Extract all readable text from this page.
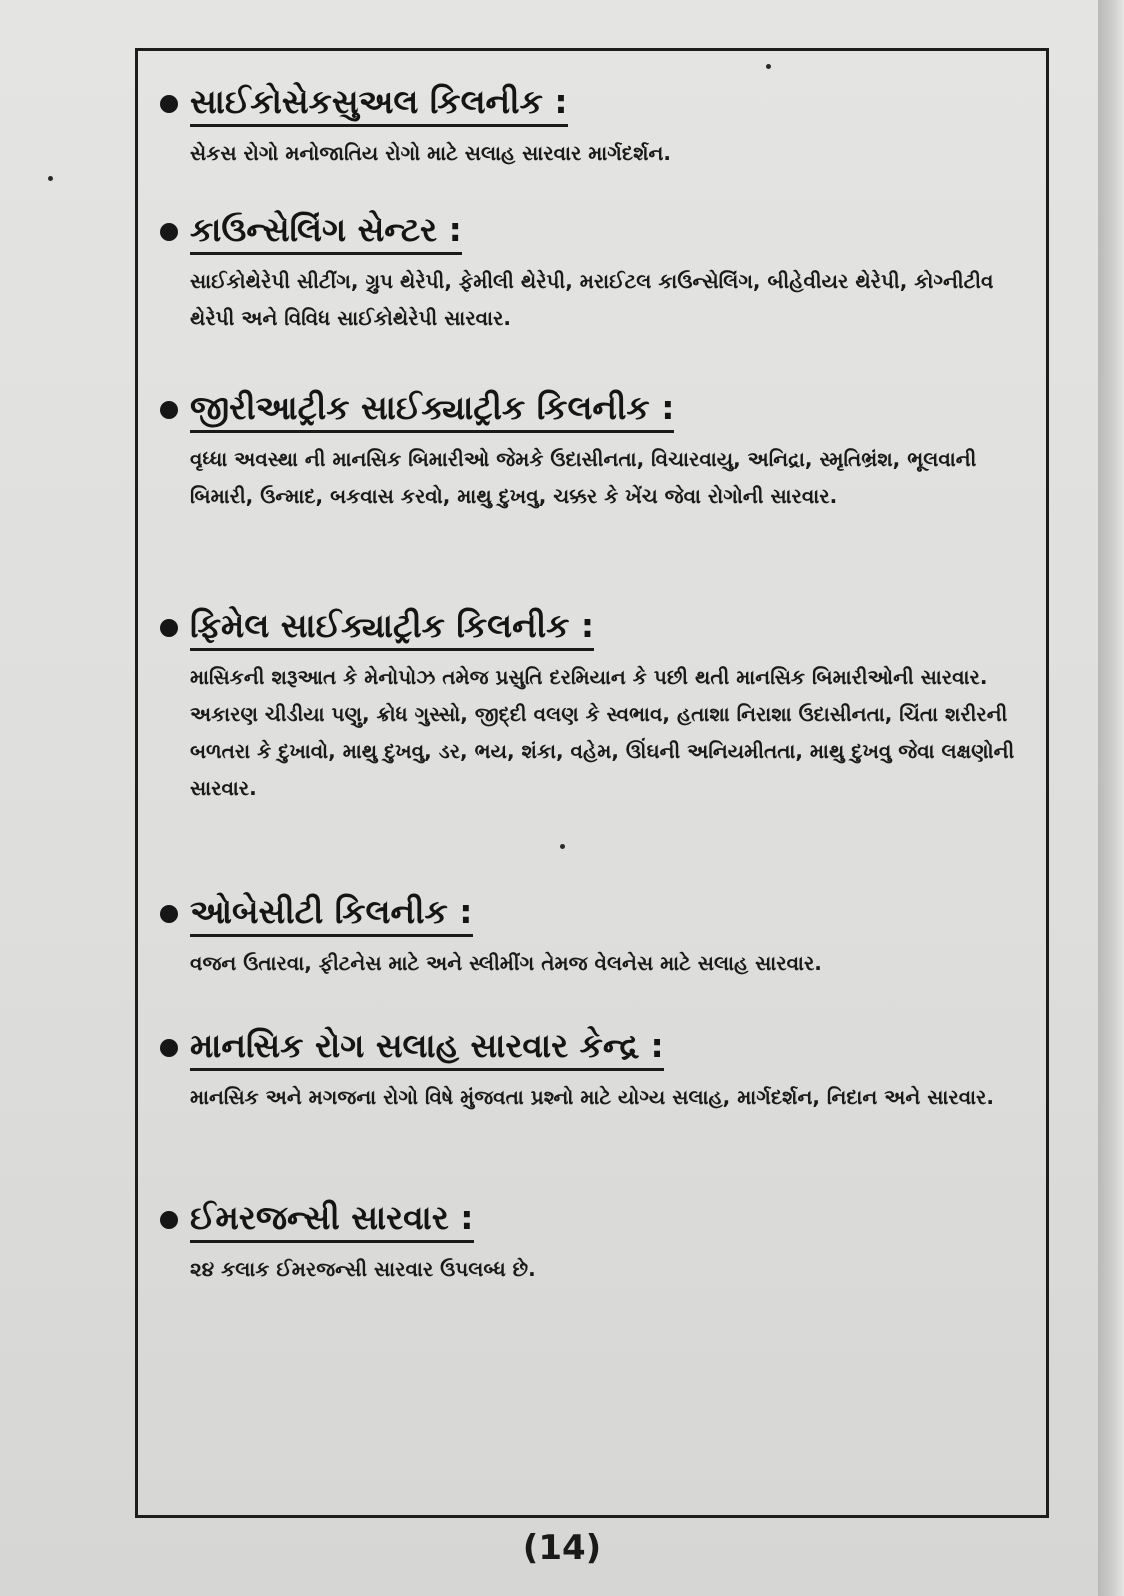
સાઈકોસેકસુઅલ કિલનીક :
સેકસ રોગો મનોજાતિય રોગો માટે સલાહ સારવાર માર્ગદર્શન.
કાઉન્સેલિંગ સેન્ટર :
સાઈકોથેરેપી સીટીંગ, ગ્રુપ થેરેપી, ફેમીલી થેરેપી, મરાઈટલ કાઉન્સેલિંગ, બીહેવીયર થેરેપી, કોગ્નીટીવ થેરેપી અને વિવિધ સાઈકોથેરેપી સારવાર.
જીરીઆટ્રીક સાઈક્યાટ્રીક કિલનીક :
વૃધ્ધા અવસ્થા ની માનસિક બિમારીઓ જેમકે ઉદાસીનતા, વિચારવાયુ, અનિદ્રા, સ્મૃતિભ્રંશ, ભૂલવાની બિમારી, ઉન્માદ, બકવાસ કરવો, માથુ દુખવુ, ચક્કર કે ખેંચ જેવા રોગોની સારવાર.
ફિમેલ સાઈક્યાટ્રીક કિલનીક :
માસિકની શરૂઆત કે મેનોપોઝ તમેજ પ્રસુતિ દરમિયાન કે પછી થતી માનસિક બિમારીઓની સારવાર. અકારણ ચીડીયા પણુ, ક્રોધ ગુસ્સો, જીદ્દી વલણ કે સ્વભાવ, હતાશા નિરાશા ઉદાસીનતા, ચિંતા શરીરની બળતરા કે દુખાવો, માથુ દુખવુ, ડર, ભય, શંકા, વહેમ, ઊંઘની અનિયમીતતા, માથુ દુખવુ જેવા લક્ષણોની સારવાર.
ઓબેસીટી કિલનીક :
વજન ઉતારવા, ફીટનેસ માટે અને સ્લીમીંગ તેમજ વેલનેસ માટે સલાહ સારવાર.
માનસિક રોગ સલાહ સારવાર કેન્દ્ર :
માનસિક અને મગજના રોગો વિષે મુંજવતા પ્રશ્નો માટે યોગ્ય સલાહ, માર્ગદર્શન, નિદાન અને સારવાર.
ઈમરજન્સી સારવાર :
૨૪ કલાક ઈમરજન્સી સારવાર ઉપલબ્ધ છે.
(14)
